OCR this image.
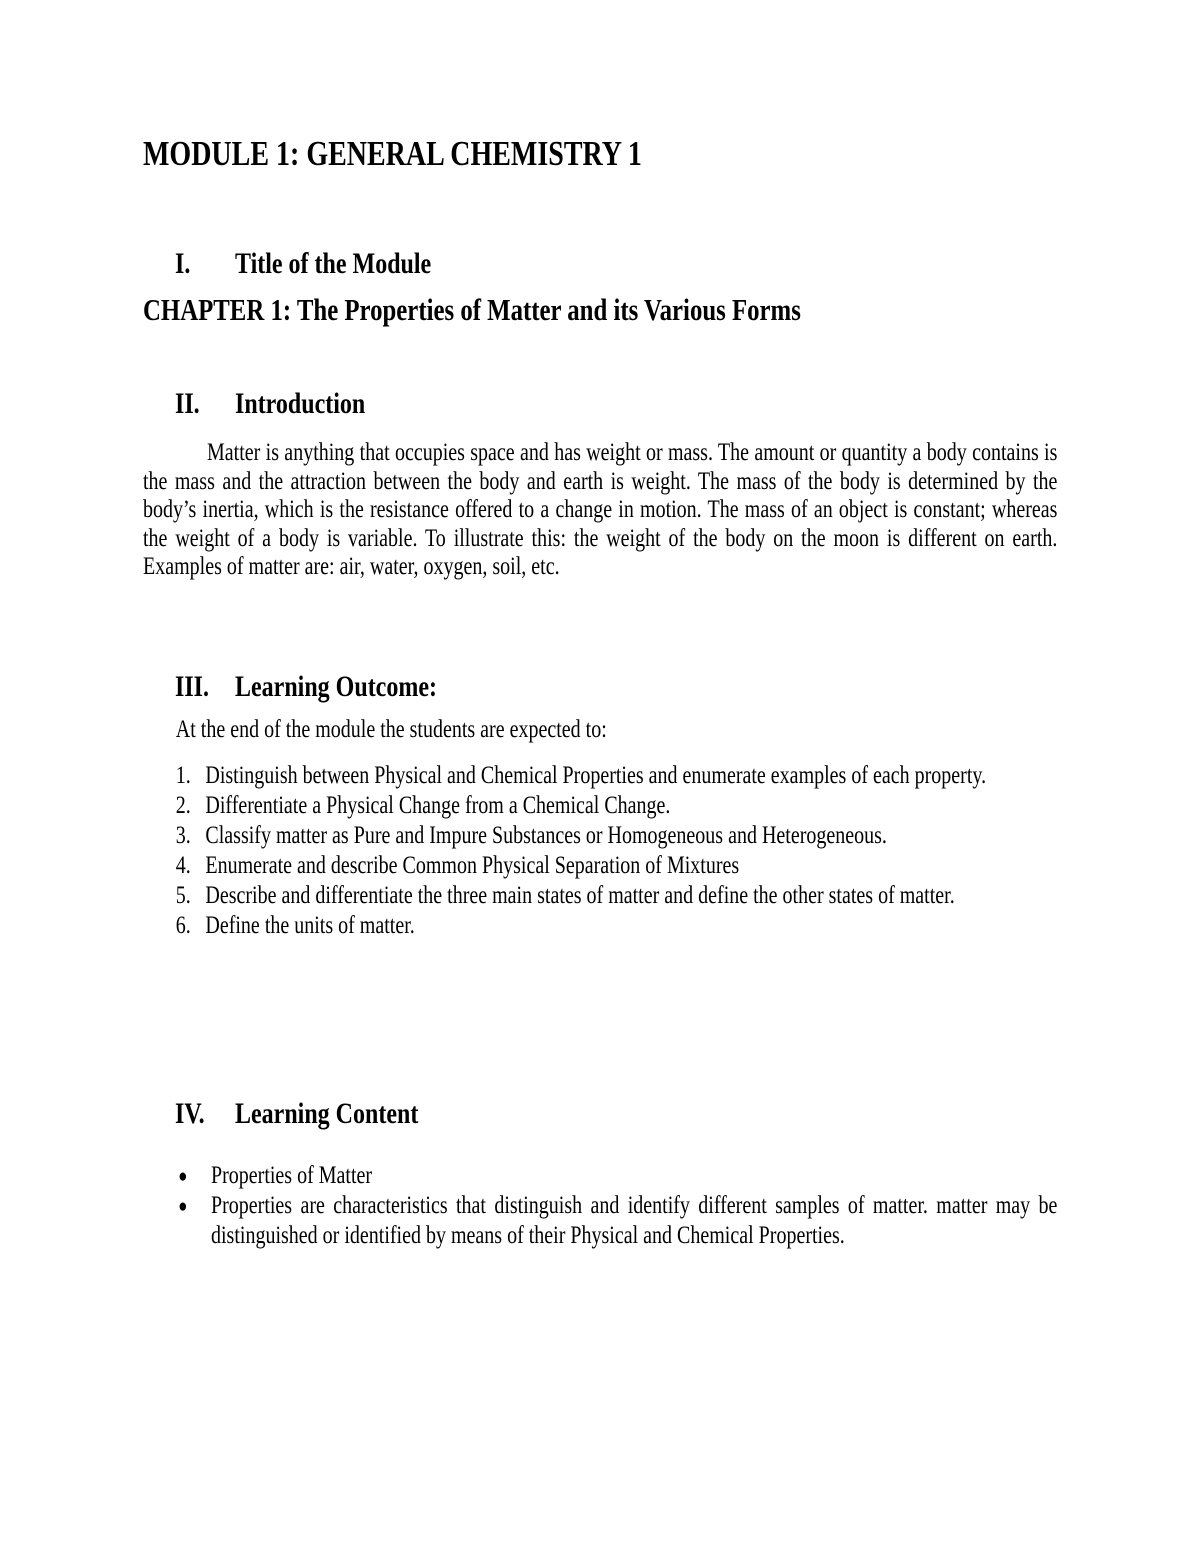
MODULE 1: GENERAL CHEMISTRY 1
I. Title of the Module
CHAPTER 1: The Properties of Matter and its Various Forms
II. Introduction

Matter is anything that occupies space and has weight or mass. The amount or quantity a body contains is the mass and the attraction between the body and earth is weight. The mass of the body is determined by the body’s inertia, which is the resistance offered to a change in motion. The mass of an object is constant; whereas the weight of a body is variable. To illustrate this: the weight of the body on the moon is different on earth. Examples of matter are: air, water, oxygen, soil, etc.

III. Learning Outcome:

At the end of the module the students are expected to:

1. Distinguish between Physical and Chemical Properties and enumerate examples of each property.
2. Differentiate a Physical Change from a Chemical Change.
3. Classify matter as Pure and Impure Substances or Homogeneous and Heterogeneous.
4. Enumerate and describe Common Physical Separation of Mixtures
5. Describe and differentiate the three main states of matter and define the other states of matter.
6. Define the units of matter.
IV. Learning Content
● Properties of Matter
● Properties are characteristics that distinguish and identify different samples of matter. matter may be distinguished or identified by means of their Physical and Chemical Properties.
